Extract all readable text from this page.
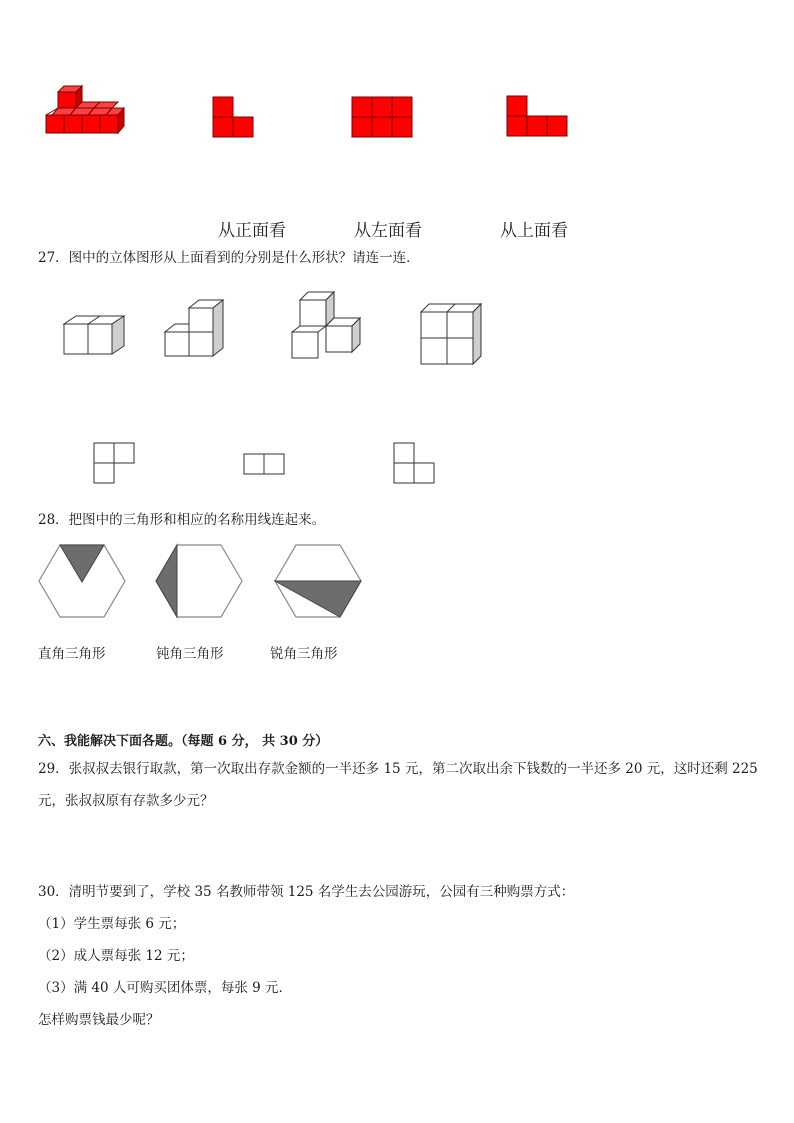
从正面看	从左面看	从上面看
27．图中的立体图形从上面看到的分别是什么形状？请连一连．
28．把图中的三角形和相应的名称用线连起来。
直角三角形	钝角三角形	锐角三角形
六、我能解决下面各题。（每题 6 分， 共 30 分）
29．张叔叔去银行取款，第一次取出存款金额的一半还多 15 元，第二次取出余下钱数的一半还多 20 元，这时还剩 225
元，张叔叔原有存款多少元？
30．清明节要到了，学校 35 名教师带领 125 名学生去公园游玩，公园有三种购票方式：
（1）学生票每张 6 元；
（2）成人票每张 12 元；
（3）满 40 人可购买团体票，每张 9 元．
怎样购票钱最少呢？
